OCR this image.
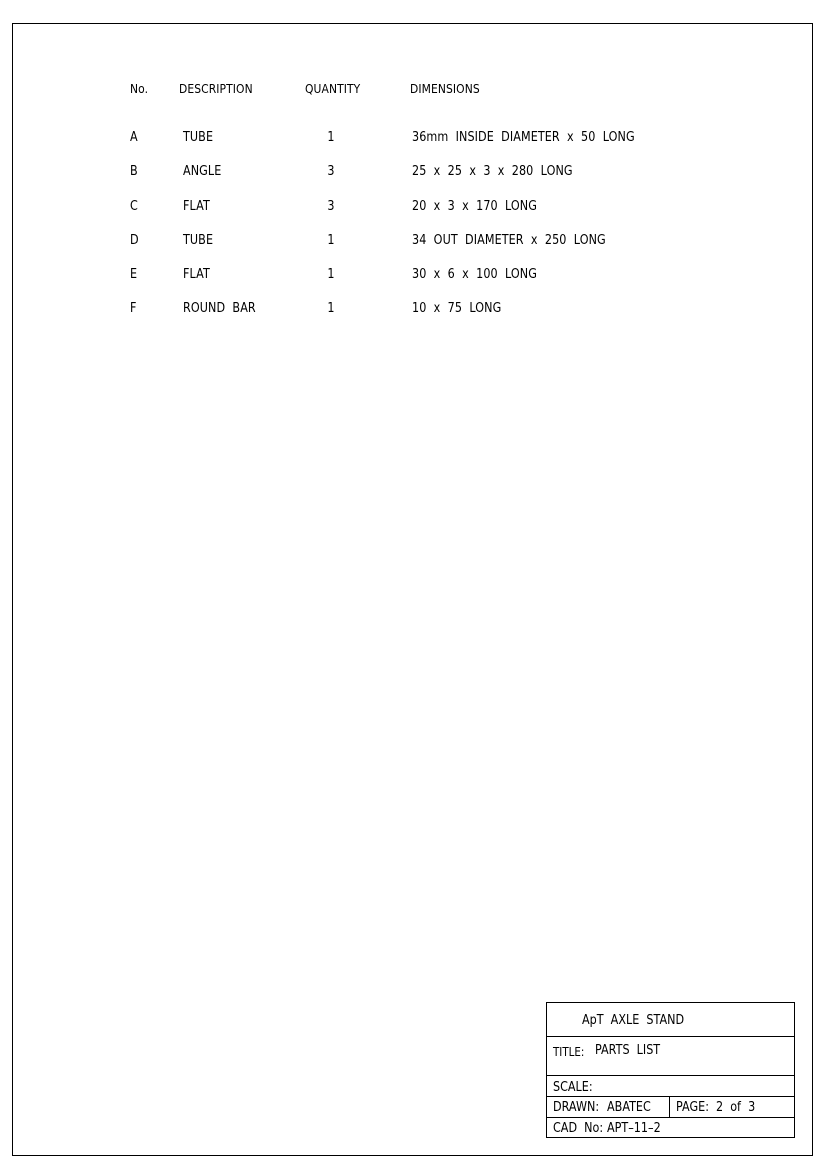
No. DESCRIPTION	QUANTITY	DIMENSIONS
A	TUBE	1	36mm  INSIDE  DIAMETER  x  50  LONG
B	ANGLE	3	25  x  25  x  3  x  280  LONG
C	FLAT	3	20  x  3  x  170  LONG
D	TUBE	1	34  OUT  DIAMETER  x  250  LONG
E	FLAT	1	30  x  6  x  100  LONG
F	ROUND  BAR	1	10  x  75  LONG
ApT  AXLE  STAND
TITLE: PARTS  LIST
SCALE:
DRAWN: ABATEC PAGE: 2  of  3
CAD  No: APT–11–2
